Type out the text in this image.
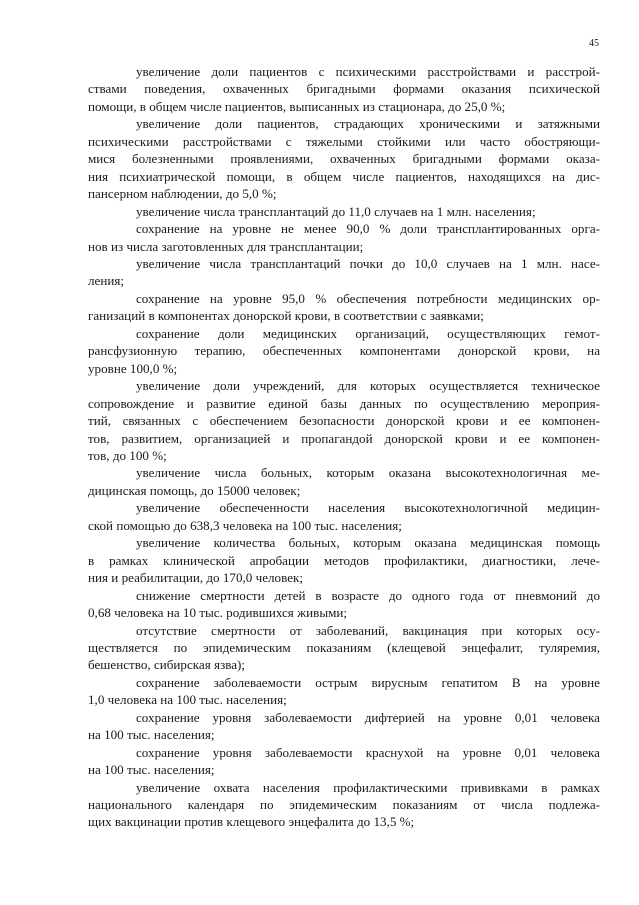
45

увеличение доли пациентов с психическими расстройствами и расстрой-
ствами поведения, охваченных бригадными формами оказания психической
помощи, в общем числе пациентов, выписанных из стационара, до 25,0 %;

увеличение доли пациентов, страдающих хроническими и затяжными
психическими расстройствами с тяжелыми стойкими или часто обостряющи-
мися болезненными проявлениями, охваченных бригадными формами оказа-
ния психиатрической помощи, в общем числе пациентов, находящихся на дис-
пансерном наблюдении, до 5,0 %;

увеличение числа трансплантаций до 11,0 случаев на 1 млн. населения;

сохранение на уровне не менее 90,0 % доли трансплантированных орга-
нов из числа заготовленных для трансплантации;

увеличение числа трансплантаций почки до 10,0 случаев на 1 млн. насе-
ления;

сохранение на уровне 95,0 % обеспечения потребности медицинских ор-
ганизаций в компонентах донорской крови, в соответствии с заявками;

сохранение доли медицинских организаций, осуществляющих гемот-
рансфузионную терапию, обеспеченных компонентами донорской крови, на
уровне 100,0 %;

увеличение доли учреждений, для которых осуществляется техническое
сопровождение и развитие единой базы данных по осуществлению мероприя-
тий, связанных с обеспечением безопасности донорской крови и ее компонен-
тов, развитием, организацией и пропагандой донорской крови и ее компонен-
тов, до 100 %;

увеличение числа больных, которым оказана высокотехнологичная ме-
дицинская помощь, до 15000 человек;

увеличение обеспеченности населения высокотехнологичной медицин-
ской помощью до 638,3 человека на 100 тыс. населения;

увеличение количества больных, которым оказана медицинская помощь
в рамках клинической апробации методов профилактики, диагностики, лече-
ния и реабилитации, до 170,0 человек;

снижение смертности детей в возрасте до одного года от пневмоний до
0,68 человека на 10 тыс. родившихся живыми;

отсутствие смертности от заболеваний, вакцинация при которых осу-
ществляется по эпидемическим показаниям (клещевой энцефалит, туляремия,
бешенство, сибирская язва);

сохранение заболеваемости острым вирусным гепатитом В на уровне
1,0 человека на 100 тыс. населения;

сохранение уровня заболеваемости дифтерией на уровне 0,01 человека
на 100 тыс. населения;

сохранение уровня заболеваемости краснухой на уровне 0,01 человека
на 100 тыс. населения;

увеличение охвата населения профилактическими прививками в рамках
национального календаря по эпидемическим показаниям от числа подлежа-
щих вакцинации против клещевого энцефалита до 13,5 %;
